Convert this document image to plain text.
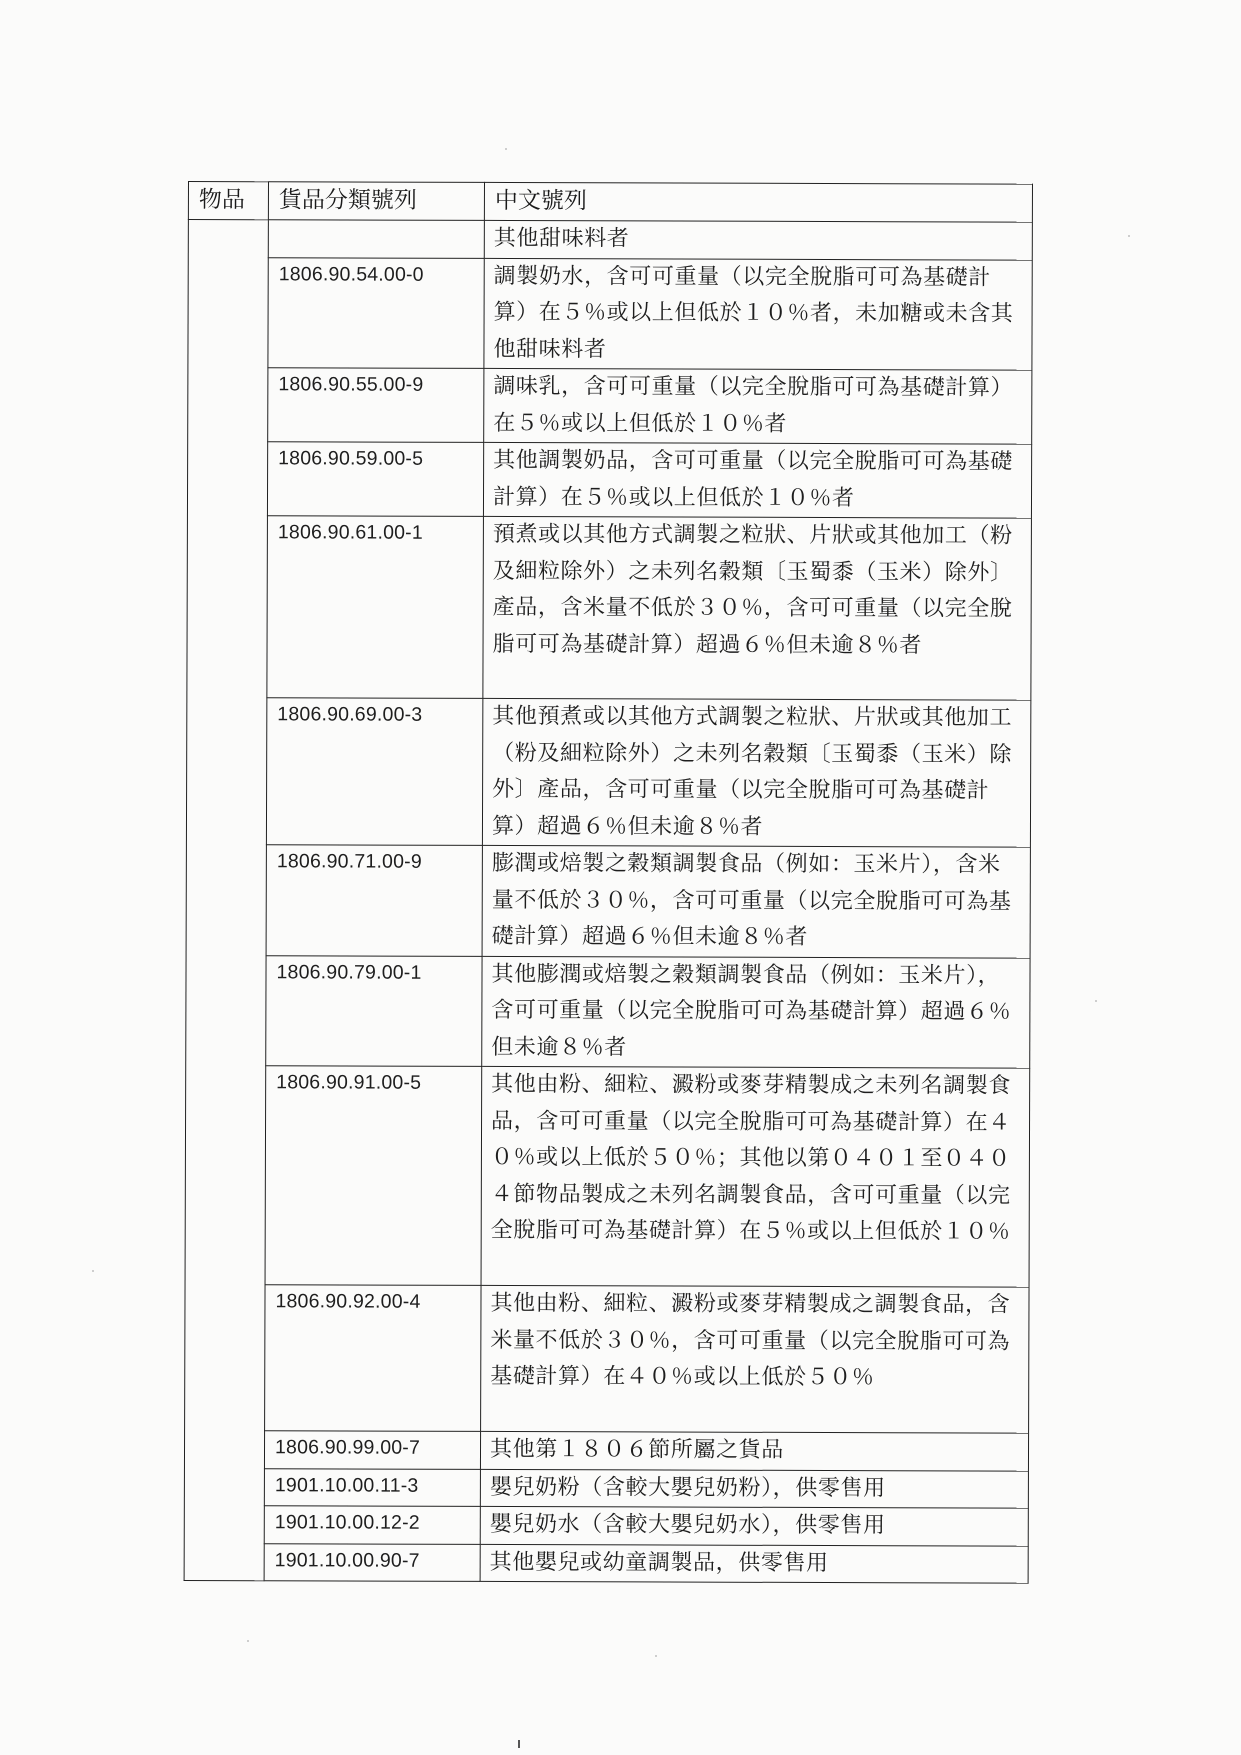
物品	貨品分類號列	中文號列
		其他甜味料者
	1806.90.54.00-0	調製奶水，含可可重量（以完全脫脂可可為基礎計算）在５％或以上但低於１０％者，未加糖或未含其他甜味料者
	1806.90.55.00-9	調味乳，含可可重量（以完全脫脂可可為基礎計算）在５％或以上但低於１０％者
	1806.90.59.00-5	其他調製奶品，含可可重量（以完全脫脂可可為基礎計算）在５％或以上但低於１０％者
	1806.90.61.00-1	預煮或以其他方式調製之粒狀、片狀或其他加工（粉及細粒除外）之未列名穀類〔玉蜀黍（玉米）除外〕產品，含米量不低於３０％，含可可重量（以完全脫脂可可為基礎計算）超過６％但未逾８％者
	1806.90.69.00-3	其他預煮或以其他方式調製之粒狀、片狀或其他加工（粉及細粒除外）之未列名穀類〔玉蜀黍（玉米）除外〕產品，含可可重量（以完全脫脂可可為基礎計算）超過６％但未逾８％者
	1806.90.71.00-9	膨潤或焙製之穀類調製食品（例如：玉米片），含米量不低於３０％，含可可重量（以完全脫脂可可為基礎計算）超過６％但未逾８％者
	1806.90.79.00-1	其他膨潤或焙製之穀類調製食品（例如：玉米片），含可可重量（以完全脫脂可可為基礎計算）超過６％但未逾８％者
	1806.90.91.00-5	其他由粉、細粒、澱粉或麥芽精製成之未列名調製食品，含可可重量（以完全脫脂可可為基礎計算）在４０％或以上低於５０％；其他以第０４０１至０４０４節物品製成之未列名調製食品，含可可重量（以完全脫脂可可為基礎計算）在５％或以上但低於１０％
	1806.90.92.00-4	其他由粉、細粒、澱粉或麥芽精製成之調製食品，含米量不低於３０％，含可可重量（以完全脫脂可可為基礎計算）在４０％或以上低於５０％
	1806.90.99.00-7	其他第１８０６節所屬之貨品
	1901.10.00.11-3	嬰兒奶粉（含較大嬰兒奶粉），供零售用
	1901.10.00.12-2	嬰兒奶水（含較大嬰兒奶水），供零售用
	1901.10.00.90-7	其他嬰兒或幼童調製品，供零售用
